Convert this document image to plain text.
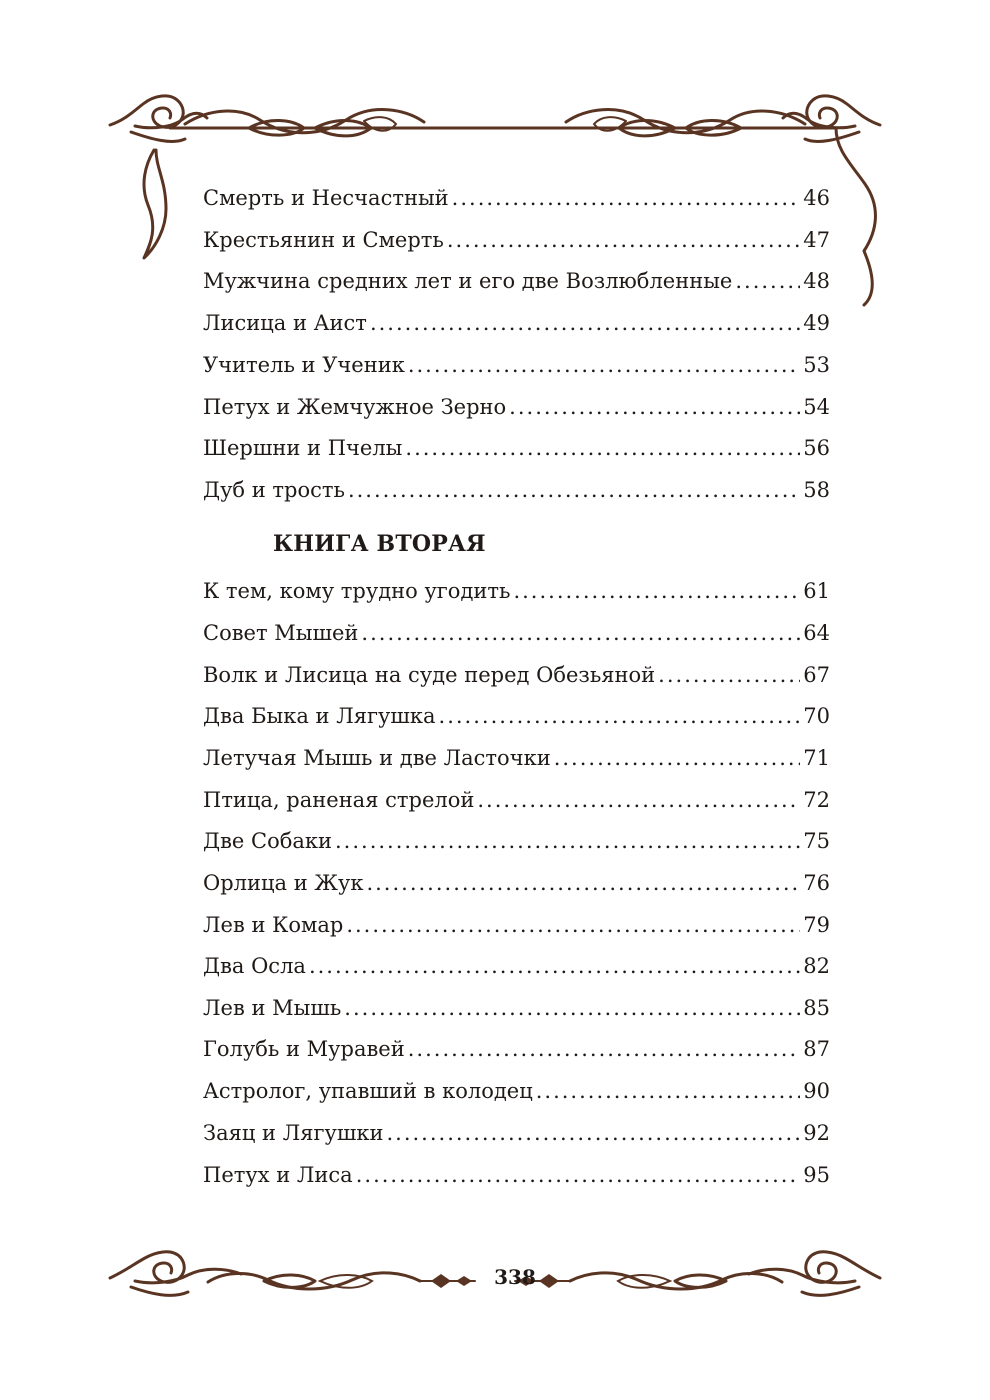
Смерть и Несчастный .....	46
Крестьянин и Смерть .....	47
Мужчина средних лет и его две Возлюбленные .....	48
Лисица и Аист .....	49
Учитель и Ученик .....	53
Петух и Жемчужное Зерно .....	54
Шершни и Пчелы .....	56
Дуб и трость .....	58
КНИГА ВТОРАЯ
К тем, кому трудно угодить .....	61
Совет Мышей .....	64
Волк и Лисица на суде перед Обезьяной .....	67
Два Быка и Лягушка .....	70
Летучая Мышь и две Ласточки .....	71
Птица, раненая стрелой .....	72
Две Собаки .....	75
Орлица и Жук .....	76
Лев и Комар .....	79
Два Осла .....	82
Лев и Мышь .....	85
Голубь и Муравей .....	87
Астролог, упавший в колодец .....	90
Заяц и Лягушки .....	92
Петух и Лиса .....	95
338
